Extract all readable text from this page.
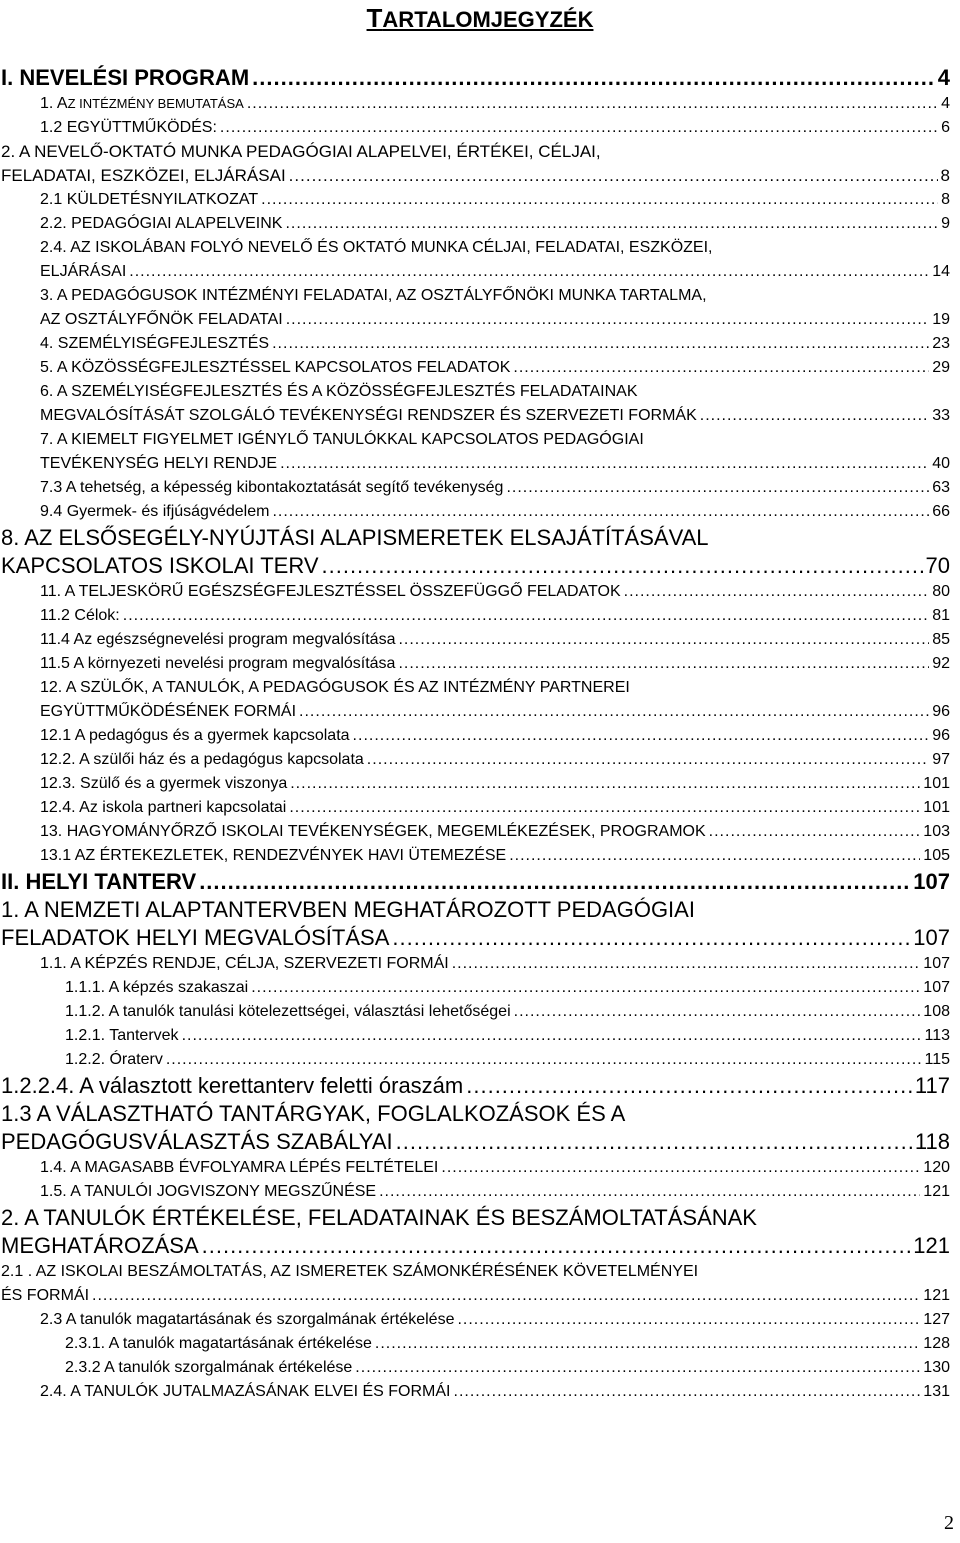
TARTALOMJEGYZÉK
I. NEVELÉSI PROGRAM .....	4
1. AZ INTÉZMÉNY BEMUTATÁSA .....	4
1.2 EGYÜTTMŰKÖDÉS: .....	6
2. A NEVELŐ-OKTATÓ MUNKA PEDAGÓGIAI ALAPELVEI, ÉRTÉKEI, CÉLJAI,
FELADATAI, ESZKÖZEI, ELJÁRÁSAI .....	8
2.1 KÜLDETÉSNYILATKOZAT .....	8
2.2. PEDAGÓGIAI ALAPELVEINK .....	9
2.4. AZ ISKOLÁBAN FOLYÓ NEVELŐ ÉS OKTATÓ MUNKA CÉLJAI, FELADATAI, ESZKÖZEI,
ELJÁRÁSAI .....	14
3. A PEDAGÓGUSOK INTÉZMÉNYI FELADATAI, AZ OSZTÁLYFŐNÖKI MUNKA TARTALMA,
AZ OSZTÁLYFŐNÖK FELADATAI .....	19
4. SZEMÉLYISÉGFEJLESZTÉS .....	23
5. A KÖZÖSSÉGFEJLESZTÉSSEL KAPCSOLATOS FELADATOK .....	29
6. A SZEMÉLYISÉGFEJLESZTÉS ÉS A KÖZÖSSÉGFEJLESZTÉS FELADATAINAK
MEGVALÓSÍTÁSÁT SZOLGÁLÓ TEVÉKENYSÉGI RENDSZER ÉS SZERVEZETI FORMÁK .....	33
7. A KIEMELT FIGYELMET IGÉNYLŐ TANULÓKKAL KAPCSOLATOS PEDAGÓGIAI
TEVÉKENYSÉG HELYI RENDJE .....	40
7.3 A tehetség, a képesség kibontakoztatását segítő tevékenység .....	63
9.4 Gyermek- és ifjúságvédelem .....	66
8. AZ ELSŐSEGÉLY-NYÚJTÁSI ALAPISMERETEK ELSAJÁTÍTÁSÁVAL
KAPCSOLATOS ISKOLAI TERV .....	70
11. A TELJESKÖRŰ EGÉSZSÉGFEJLESZTÉSSEL ÖSSZEFÜGGŐ FELADATOK .....	80
11.2 Célok: .....	81
11.4 Az egészségnevelési program megvalósítása .....	85
11.5 A környezeti nevelési program megvalósítása .....	92
12. A SZÜLŐK, A TANULÓK, A PEDAGÓGUSOK ÉS AZ INTÉZMÉNY PARTNEREI
EGYÜTTMŰKÖDÉSÉNEK FORMÁI .....	96
12.1 A pedagógus és a gyermek kapcsolata .....	96
12.2. A szülői ház és a pedagógus kapcsolata .....	97
12.3. Szülő és a gyermek viszonya .....	101
12.4. Az iskola partneri kapcsolatai .....	101
13. HAGYOMÁNYŐRZŐ ISKOLAI TEVÉKENYSÉGEK, MEGEMLÉKEZÉSEK, PROGRAMOK .....	103
13.1 AZ ÉRTEKEZLETEK, RENDEZVÉNYEK HAVI ÜTEMEZÉSE .....	105
II. HELYI TANTERV .....	107
1. A NEMZETI ALAPTANTERVBEN MEGHATÁROZOTT PEDAGÓGIAI
FELADATOK HELYI MEGVALÓSÍTÁSA .....	107
1.1. A KÉPZÉS RENDJE, CÉLJA, SZERVEZETI FORMÁI .....	107
1.1.1. A képzés szakaszai .....	107
1.1.2. A tanulók tanulási kötelezettségei, választási lehetőségei .....	108
1.2.1. Tantervek .....	113
1.2.2. Óraterv .....	115
1.2.2.4. A választott kerettanterv feletti óraszám .....	117
1.3 A VÁLASZTHATÓ TANTÁRGYAK, FOGLALKOZÁSOK ÉS A
PEDAGÓGUSVÁLASZTÁS SZABÁLYAI .....	118
1.4. A MAGASABB ÉVFOLYAMRA LÉPÉS FELTÉTELEI .....	120
1.5. A TANULÓI JOGVISZONY MEGSZŰNÉSE .....	121
2. A TANULÓK ÉRTÉKELÉSE, FELADATAINAK ÉS BESZÁMOLTATÁSÁNAK
MEGHATÁROZÁSA .....	121
2.1 . AZ ISKOLAI BESZÁMOLTATÁS, AZ ISMERETEK SZÁMONKÉRÉSÉNEK KÖVETELMÉNYEI
ÉS FORMÁI .....	121
2.3 A tanulók magatartásának és szorgalmának értékelése .....	127
2.3.1. A tanulók magatartásának értékelése .....	128
2.3.2 A tanulók szorgalmának értékelése .....	130
2.4. A TANULÓK JUTALMAZÁSÁNAK ELVEI ÉS FORMÁI .....	131
2
